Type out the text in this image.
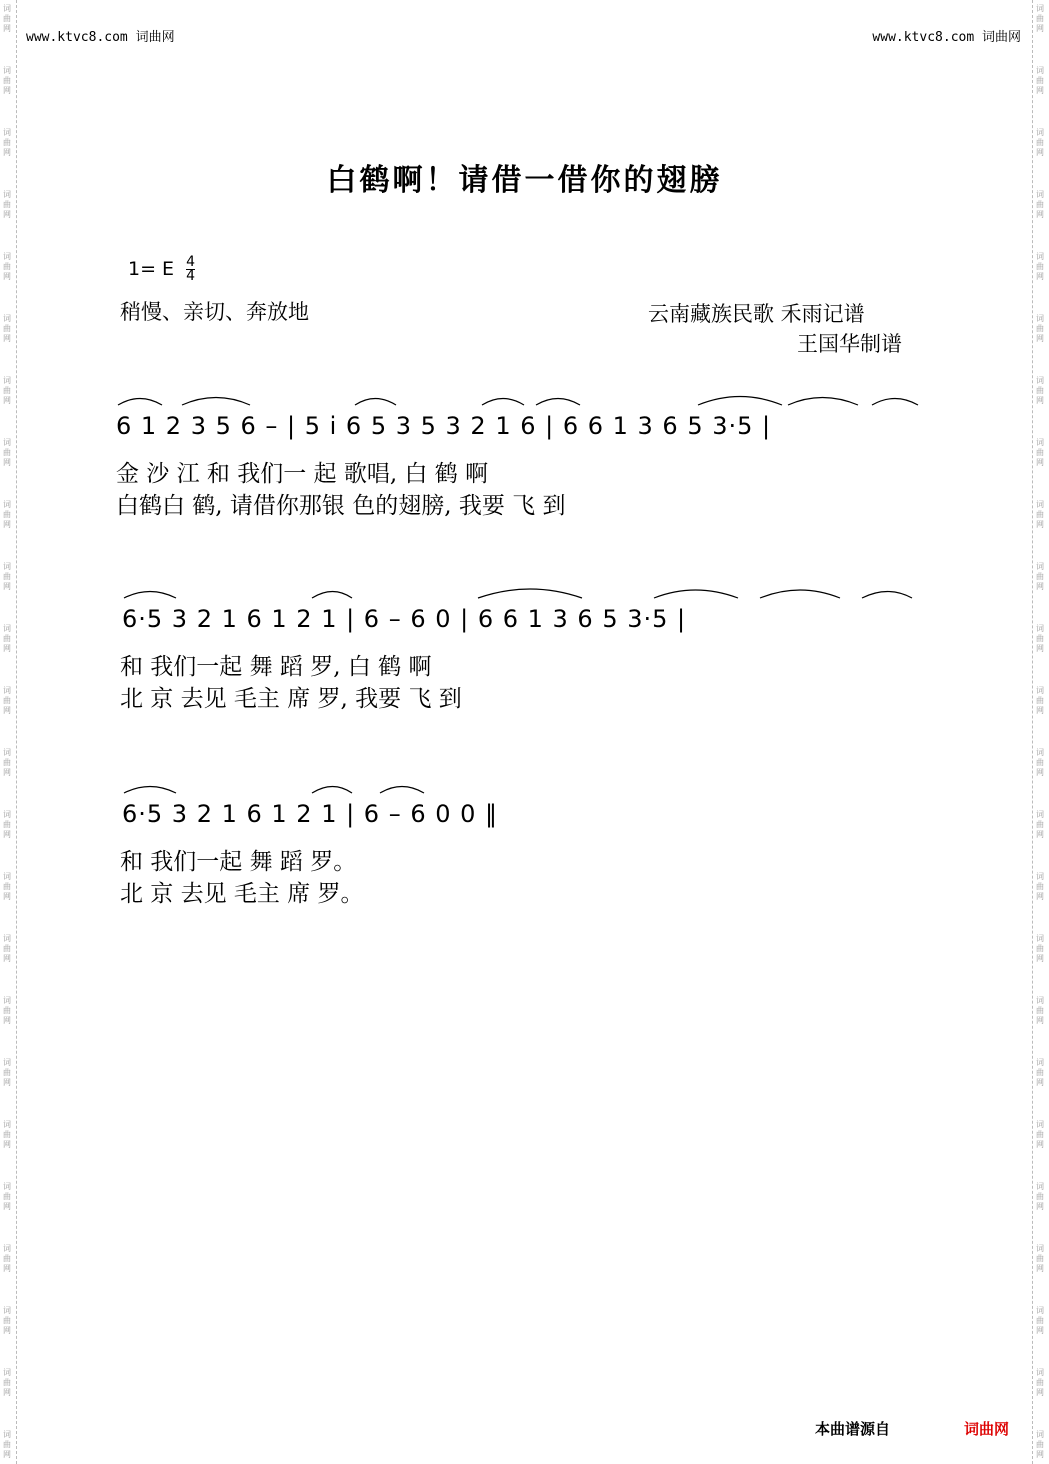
词曲网
词曲网
词曲网
词曲网
词曲网
词曲网
词曲网
词曲网
词曲网
词曲网
词曲网
词曲网
词曲网
词曲网
词曲网
词曲网
词曲网
词曲网
词曲网
词曲网
词曲网
词曲网
词曲网
词曲网
词曲网
词曲网
词曲网
词曲网
词曲网
词曲网
词曲网
词曲网
词曲网
词曲网
词曲网
词曲网
词曲网
词曲网
词曲网
词曲网
词曲网
词曲网
词曲网
词曲网
词曲网
词曲网
词曲网
词曲网
www.ktvc8.com 词曲网	www.ktvc8.com 词曲网
白鹤啊！请借一借你的翅膀
1= E $\frac{4}{4}$
稍慢、亲切、奔放地	云南藏族民歌 禾雨记谱
王国华制谱
6 1 2 3 5 6 – | 5 i 6 5 3 5 3 2 1 6 | 6 6 1 3 6 5 3·5 |
金 沙 江 和 我们一 起 歌唱, 白 鹤 啊
白鹤白 鹤, 请借你那银 色的翅膀, 我要 飞 到
6·5 3 2 1 6 1 2 1 | 6 – 6 0 | 6 6 1 3 6 5 3·5 |
和 我们一起 舞 蹈 罗, 白 鹤 啊
北 京 去见 毛主 席 罗, 我要 飞 到
6·5 3 2 1 6 1 2 1 | 6 – 6 0 0 ‖
和 我们一起 舞 蹈 罗。
北 京 去见 毛主 席 罗。
本曲谱源自	词曲网
